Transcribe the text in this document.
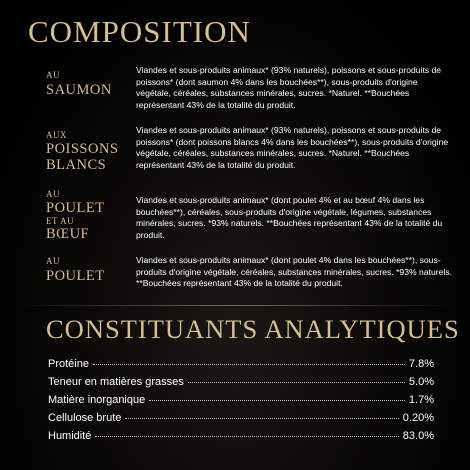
COMPOSITION
AU
SAUMON
Viandes et sous-produits animaux* (93% naturels), poissons et sous-produits de poissons* (dont saumon 4% dans les bouchées**), sous-produits d'origine végétale, céréales, substances minérales, sucres. *Naturel. **Bouchées représentant 43% de la totalité du produit.
AUX
POISSONS
BLANCS
Viandes et sous-produits animaux* (93% naturels), poissons et sous-produits de poissons* (dont poissons blancs 4% dans les bouchées**), sous-produits d'origine végétale, céréales, substances minérales, sucres. *Naturel. **Bouchées représentant 43% de la totalité du produit.
AU
POULET
ET AU
BŒUF
Viandes et sous-produits animaux* (dont poulet 4% et au bœuf 4% dans les bouchées**), céréales, sous-produits d'origine végétale, légumes, substances minérales, sucres. *93% naturels. **Bouchées représentant 43% de la totalité du produit.
AU
POULET
Viandes et sous-produits animaux* (dont poulet 4% dans les bouchées**), sous-produits d'origine végétale, céréales, substances minérales, sucres. *93% naturels. **Bouchées représentant 43% de la totalité du produit.
CONSTITUANTS ANALYTIQUES
Protéine	7.8%
Teneur en matières grasses	5.0%
Matière inorganique	1.7%
Cellulose brute	0.20%
Humidité	83.0%
